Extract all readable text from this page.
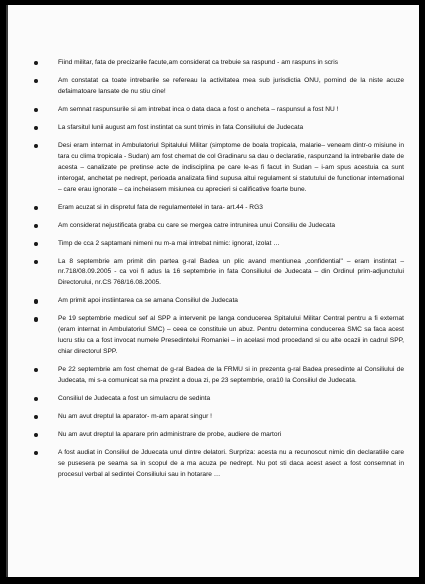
Fiind militar, fata de precizarile facute,am considerat ca trebuie sa raspund - am raspuns in scris
Am constatat ca toate intrebarile se refereau la activitatea mea sub jurisdictia ONU, pornind de la niste acuze defaimatoare lansate de nu stiu cine!
Am semnat raspunsurile si am intrebat inca o data daca a fost o ancheta – raspunsul a fost NU !
La sfarsitul lunii august am fost instintat ca sunt trimis in fata Consiliului de Judecata
Desi eram internat in Ambulatoriul Spitalului Militar (simptome de boala tropicala, malarie– veneam dintr-o misiune in tara cu clima tropicala - Sudan) am fost chemat de col Gradinaru sa dau o declaratie, raspunzand la intrebarile date de acesta – canalizate pe pretinse acte de indisciplina pe care le-as fi facut in Sudan – i-am spus acestuia ca sunt interogat, anchetat pe nedrept, perioada analizata fiind supusa altui regulament si statutului de functionar international – care erau ignorate – ca incheiasem misiunea cu aprecieri si calificative foarte bune.
Eram acuzat si in dispretul fata de regulamentelel in tara- art.44 - RG3
Am considerat nejustificata graba cu care se mergea catre intrunirea unui Consiliu de Judecata
Timp de cca 2 saptamani nimeni nu m-a mai intrebat nimic: ignorat, izolat …
La 8 septembrie am primit din partea g-ral Badea un plic avand mentiunea „confidential" – eram instintat – nr.718/08.09.2005 - ca voi fi adus la 16 septembrie in fata Consiliului de Judecata – din Ordinul prim-adjunctului Directorului, nr.CS 768/16.08.2005.
Am primit apoi instiintarea ca se amana Consiliul de Judecata
Pe 19 septembrie medicul sef al SPP a intervenit pe langa conducerea Spitalului Militar Central pentru a fi externat (eram internat in Ambulatoriul SMC) – ceea ce constituie un abuz. Pentru determina conducerea SMC sa faca acest lucru stiu ca a fost invocat numele Presedintelui Romaniei – in acelasi mod procedand si cu alte ocazii in cadrul SPP, chiar directorul SPP.
Pe 22 septembrie am fost chemat de g-ral Badea de la FRMU si in prezenta g-ral Badea presedinte al Consiliului de Judecata, mi s-a comunicat sa ma prezint a doua zi, pe 23 septembrie, ora10 la Consiliul de Judecata.
Consiliul de Judecata a fost un simulacru de sedinta
Nu am avut dreptul la aparator- m-am aparat singur !
Nu am avut dreptul la aparare prin administrare de probe, audiere de martori
A fost audiat in Consiliul de Jduecata unul dintre delatori. Surpriza: acesta nu a recunoscut nimic din declaratiile care se pusesera pe seama sa in scopul de a ma acuza pe nedrept. Nu pot sti daca acest asect a fost consemnat in procesul verbal al sedintei Consiliului sau in hotarare …
